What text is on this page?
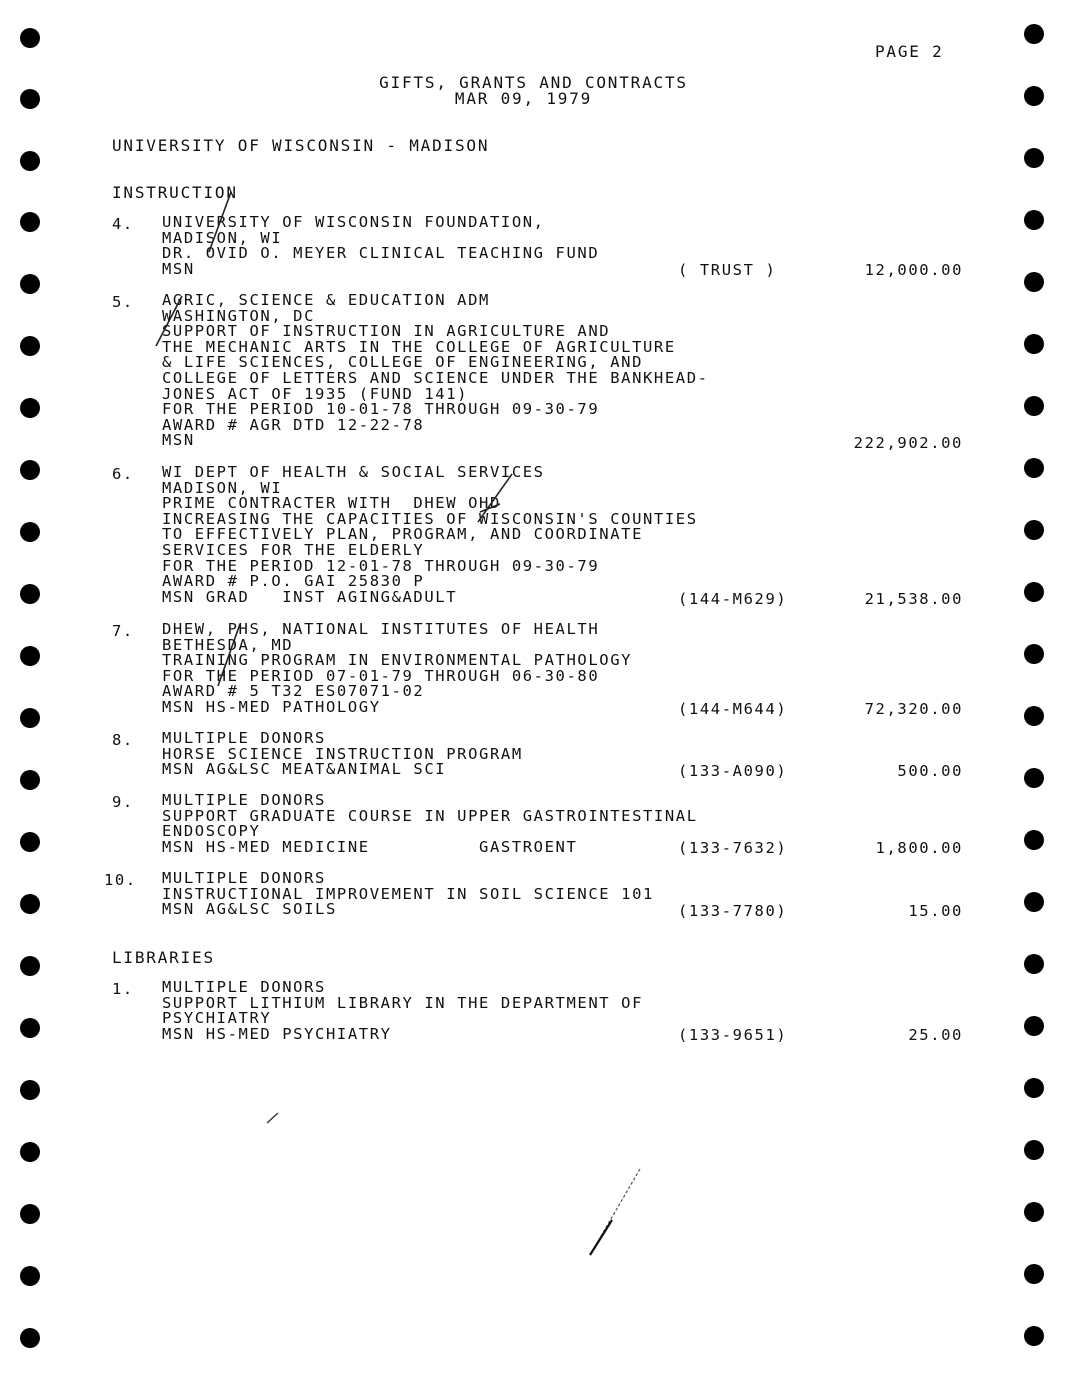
PAGE 2
GIFTS, GRANTS AND CONTRACTS
MAR 09, 1979
UNIVERSITY OF WISCONSIN - MADISON
INSTRUCTION
4. UNIVERSITY OF WISCONSIN FOUNDATION,
MADISON, WI
DR. OVID O. MEYER CLINICAL TEACHING FUND
MSN	( TRUST )	12,000.00
5. AGRIC, SCIENCE & EDUCATION ADM
WASHINGTON, DC
SUPPORT OF INSTRUCTION IN AGRICULTURE AND
THE MECHANIC ARTS IN THE COLLEGE OF AGRICULTURE
& LIFE SCIENCES, COLLEGE OF ENGINEERING, AND
COLLEGE OF LETTERS AND SCIENCE UNDER THE BANKHEAD-
JONES ACT OF 1935 (FUND 141)
FOR THE PERIOD 10-01-78 THROUGH 09-30-79
AWARD # AGR DTD 12-22-78
MSN	222,902.00
6. WI DEPT OF HEALTH & SOCIAL SERVICES
MADISON, WI
PRIME CONTRACTER WITH  DHEW OHD
INCREASING THE CAPACITIES OF WISCONSIN'S COUNTIES
TO EFFECTIVELY PLAN, PROGRAM, AND COORDINATE
SERVICES FOR THE ELDERLY
FOR THE PERIOD 12-01-78 THROUGH 09-30-79
AWARD # P.O. GAI 25830 P
MSN GRAD   INST AGING&ADULT	(144-M629)	21,538.00
7. DHEW, PHS, NATIONAL INSTITUTES OF HEALTH
BETHESDA, MD
TRAINING PROGRAM IN ENVIRONMENTAL PATHOLOGY
FOR THE PERIOD 07-01-79 THROUGH 06-30-80
AWARD # 5 T32 ES07071-02
MSN HS-MED PATHOLOGY	(144-M644)	72,320.00
8. MULTIPLE DONORS
HORSE SCIENCE INSTRUCTION PROGRAM
MSN AG&LSC MEAT&ANIMAL SCI	(133-A090)	500.00
9. MULTIPLE DONORS
SUPPORT GRADUATE COURSE IN UPPER GASTROINTESTINAL
ENDOSCOPY
MSN HS-MED MEDICINE          GASTROENT	(133-7632)	1,800.00
10. MULTIPLE DONORS
INSTRUCTIONAL IMPROVEMENT IN SOIL SCIENCE 101
MSN AG&LSC SOILS	(133-7780)	15.00
LIBRARIES
1. MULTIPLE DONORS
SUPPORT LITHIUM LIBRARY IN THE DEPARTMENT OF
PSYCHIATRY
MSN HS-MED PSYCHIATRY	(133-9651)	25.00
